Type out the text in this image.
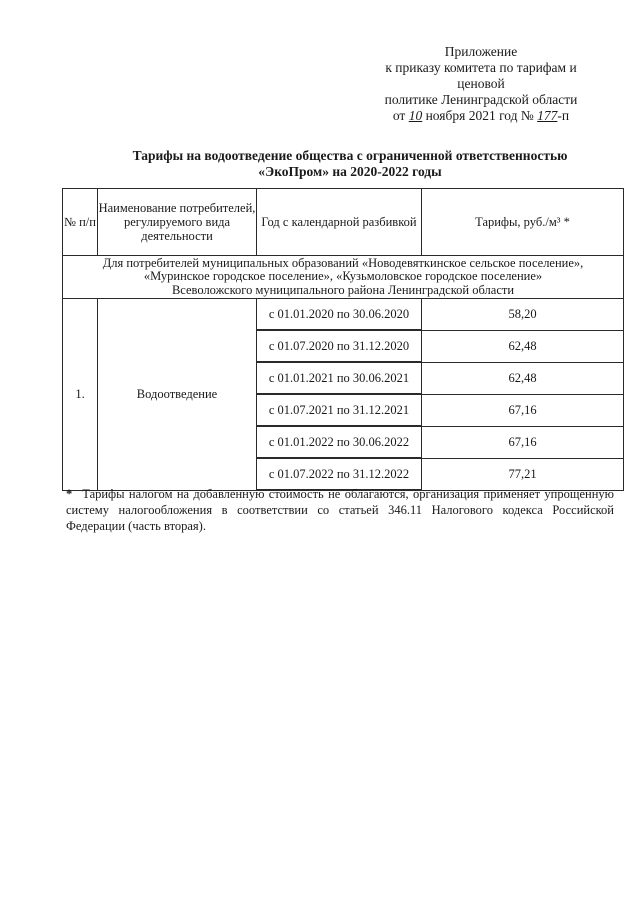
Приложение
к приказу комитета по тарифам и ценовой
политике Ленинградской области
от 10 ноября 2021 год № 177-п
Тарифы на водоотведение общества с ограниченной ответственностью
«ЭкоПром» на 2020-2022 годы
№ п/п	Наименование потребителей, регулируемого вида деятельности	Год с календарной разбивкой	Тарифы, руб./м³ *

Для потребителей муниципальных образований «Новодевяткинское сельское поселение»,
«Муринское городское поселение», «Кузьмоловское городское поселение»
Всеволожского муниципального района Ленинградской области			

1.	Водоотведение	с 01.01.2020 по 30.06.2020	58,20
		с 01.07.2020 по 31.12.2020	62,48
		с 01.01.2021 по 30.06.2021	62,48
		с 01.07.2021 по 31.12.2021	67,16
		с 01.01.2022 по 30.06.2022	67,16
		с 01.07.2022 по 31.12.2022	77,21
* Тарифы налогом на добавленную стоимость не облагаются, организация применяет упрощенную систему налогообложения в соответствии со статьей 346.11 Налогового кодекса Российской Федерации (часть вторая).
